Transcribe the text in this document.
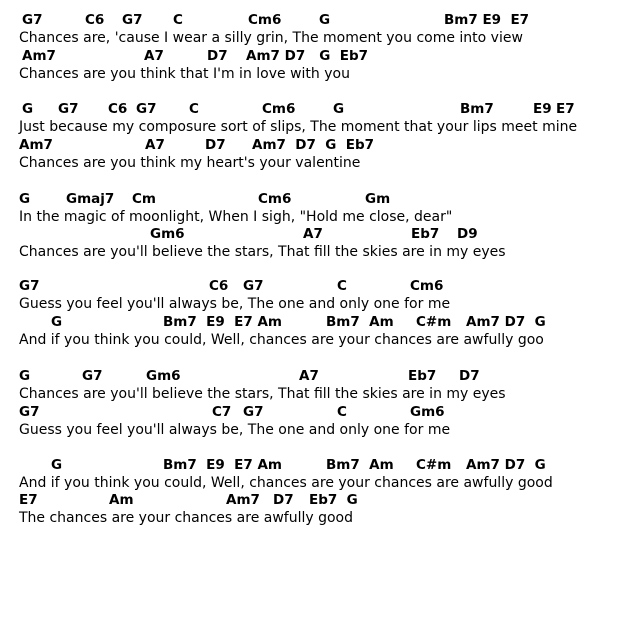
G7

	C6

G7

C

	Cm6

	G

	Bm7 E9  E7

Chances are, 'cause I wear a silly grin, The moment you come into view

Am7

	A7

	D7

Am7 D7   G  Eb7

Chances are you think that I'm in love with you

G

G7

C6

G7

C

	Cm6

	G

	Bm7

	E9

E7

Just because my composure sort of slips, The moment that your lips meet mine

Am7

	A7

	D7

Am7  D7  G  Eb7

Chances are you think my heart's your valentine

G

	Gmaj7

Cm

	Cm6

	Gm

In the magic of moonlight, When I sigh, "Hold me close, dear"

Gm6

	A7

	Eb7

D9

Chances are you'll believe the stars, That fill the skies are in my eyes

G7

	C6

G7

	C

	Cm6

Guess you feel you'll always be, The one and only one for me

G

	Bm7  E9  E7 Am

	Bm7  Am

C#m

Am7 D7  G

And if you think you could, Well, chances are your chances are awfully goo

G

	G7

	Gm6

	A7

	Eb7

D7

Chances are you'll believe the stars, That fill the skies are in my eyes

G7

	C7

G7

	C

	Gm6

Guess you feel you'll always be, The one and only one for me

G

	Bm7  E9  E7 Am

	Bm7  Am

C#m

Am7 D7  G

And if you think you could, Well, chances are your chances are awfully good

E7

	Am

	Am7

D7

Eb7  G

The chances are your chances are awfully good
